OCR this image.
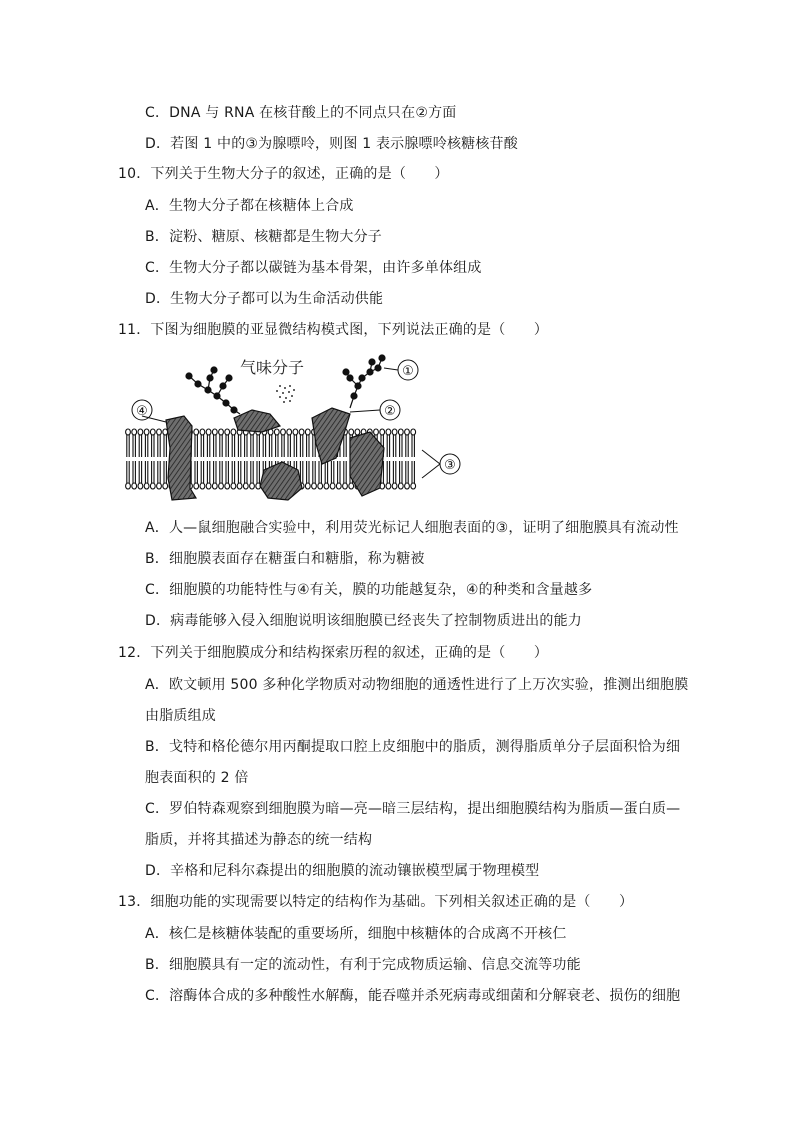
C．DNA 与 RNA 在核苷酸上的不同点只在②方面
D．若图 1 中的③为腺嘌呤，则图 1 表示腺嘌呤核糖核苷酸
10．下列关于生物大分子的叙述，正确的是（　　）
A．生物大分子都在核糖体上合成
B．淀粉、糖原、核糖都是生物大分子
C．生物大分子都以碳链为基本骨架，由许多单体组成
D．生物大分子都可以为生命活动供能
11．下图为细胞膜的亚显微结构模式图，下列说法正确的是（　　）
气味分子	①
②
③
④
A．人—鼠细胞融合实验中，利用荧光标记人细胞表面的③，证明了细胞膜具有流动性
B．细胞膜表面存在糖蛋白和糖脂，称为糖被
C．细胞膜的功能特性与④有关，膜的功能越复杂，④的种类和含量越多
D．病毒能够入侵入细胞说明该细胞膜已经丧失了控制物质进出的能力
12．下列关于细胞膜成分和结构探索历程的叙述，正确的是（　　）
A．欧文顿用 500 多种化学物质对动物细胞的通透性进行了上万次实验，推测出细胞膜
由脂质组成
B．戈特和格伦德尔用丙酮提取口腔上皮细胞中的脂质，测得脂质单分子层面积恰为细
胞表面积的 2 倍
C．罗伯特森观察到细胞膜为暗—亮—暗三层结构，提出细胞膜结构为脂质—蛋白质—
脂质，并将其描述为静态的统一结构
D．辛格和尼科尔森提出的细胞膜的流动镶嵌模型属于物理模型
13．细胞功能的实现需要以特定的结构作为基础。下列相关叙述正确的是（　　）
A．核仁是核糖体装配的重要场所，细胞中核糖体的合成离不开核仁
B．细胞膜具有一定的流动性，有利于完成物质运输、信息交流等功能
C．溶酶体合成的多种酸性水解酶，能吞噬并杀死病毒或细菌和分解衰老、损伤的细胞
